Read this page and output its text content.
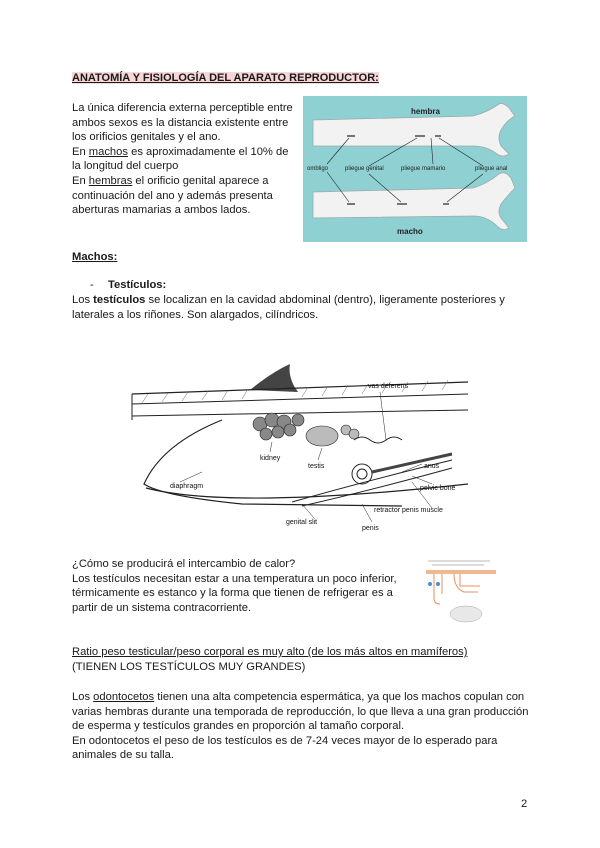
ANATOMÍA Y FISIOLOGÍA DEL APARATO REPRODUCTOR:
La única diferencia externa perceptible entre
ambos sexos es la distancia existente entre
los orificios genitales y el ano.
En machos es aproximadamente el 10% de
la longitud del cuerpo
En hembras el orificio genital aparece a
continuación del ano y además presenta
aberturas mamarias a ambos lados.
hembra
ombligo	pliegue genital	pliegue mamario	pliegue anal
macho
Machos:
- Testículos:
Los testículos se localizan en la cavidad abdominal (dentro), ligeramente posteriores y
laterales a los riñones. Son alargados, cilíndricos.
vas deferens
kidney
testis	anus
pelvic bone
diaphragm
retractor penis muscle
genital slit
penis
¿Cómo se producirá el intercambio de calor?
Los testículos necesitan estar a una temperatura un poco inferior,
térmicamente es estanco y la forma que tienen de refrigerar es a
partir de un sistema contracorriente.
Ratio peso testicular/peso corporal es muy alto (de los más altos en mamíferos)
(TIENEN LOS TESTÍCULOS MUY GRANDES)
Los odontocetos tienen una alta competencia espermática, ya que los machos copulan con
varias hembras durante una temporada de reproducción, lo que lleva a una gran producción
de esperma y testículos grandes en proporción al tamaño corporal.
En odontocetos el peso de los testículos es de 7-24 veces mayor de lo esperado para
animales de su talla.
2
